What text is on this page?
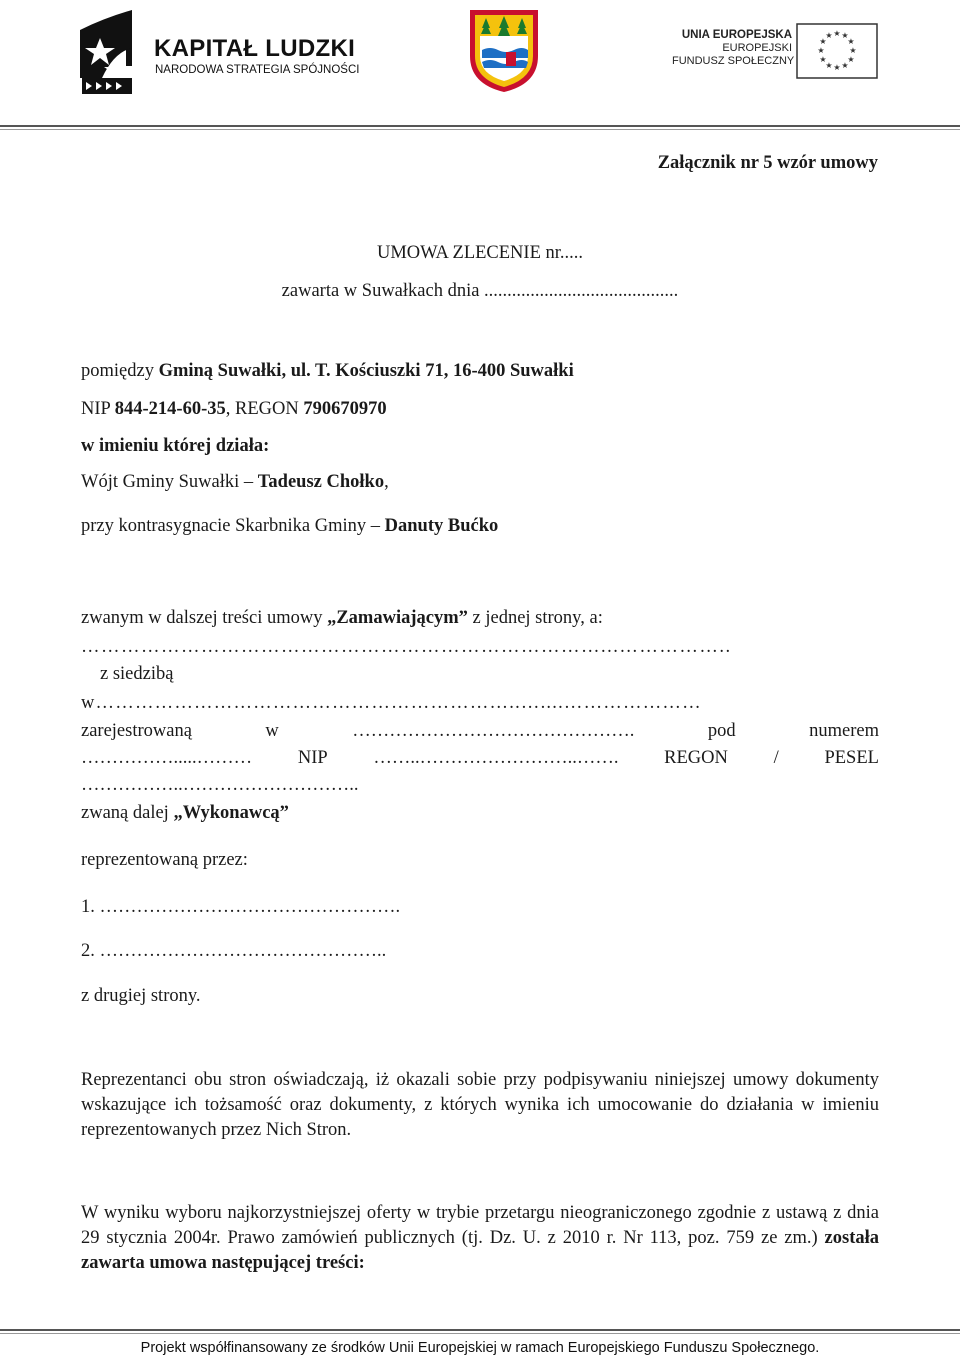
KAPITAŁ LUDZKI
NARODOWA STRATEGIA SPÓJNOŚCI
UNIA EUROPEJSKA
EUROPEJSKI
FUNDUSZ SPOŁECZNY
★ ★
★
★
★
★
★
★
★
★
★
★
Załącznik nr 5 wzór umowy
UMOWA ZLECENIE nr.....
zawarta w Suwałkach dnia ..........................................
pomiędzy Gminą Suwałki, ul. T. Kościuszki 71, 16-400 Suwałki
NIP 844-214-60-35, REGON 790670970
w imieniu której działa:
Wójt Gminy Suwałki – Tadeusz Chołko,
przy kontrasygnacie Skarbnika Gminy – Danuty Bućko
zwanym w dalszej treści umowy „Zamawiającym” z jednej strony, a:
……………………………………………………………………...……………..
z siedzibą
w………………………………………………………..…....…………………
zarejestrowaną	w	……………………………………….	pod	numerem
…………….....……… NIP ……..……………………..……. REGON / PESEL
……………..………………………..
zwaną dalej „Wykonawcą”
reprezentowaną przez:
1. ………………………………………….
2. ………………………………………..
z drugiej strony.
Reprezentanci obu stron oświadczają, iż okazali sobie przy podpisywaniu niniejszej umowy dokumenty wskazujące ich tożsamość oraz dokumenty, z których wynika ich umocowanie do działania w imieniu reprezentowanych przez Nich Stron.
W wyniku wyboru najkorzystniejszej oferty w trybie przetargu nieograniczonego zgodnie z ustawą z dnia 29 stycznia 2004r. Prawo zamówień publicznych (tj. Dz. U. z 2010 r. Nr 113, poz. 759 ze zm.) została zawarta umowa następującej treści:
Projekt współfinansowany ze środków Unii Europejskiej w ramach Europejskiego Funduszu Społecznego.
